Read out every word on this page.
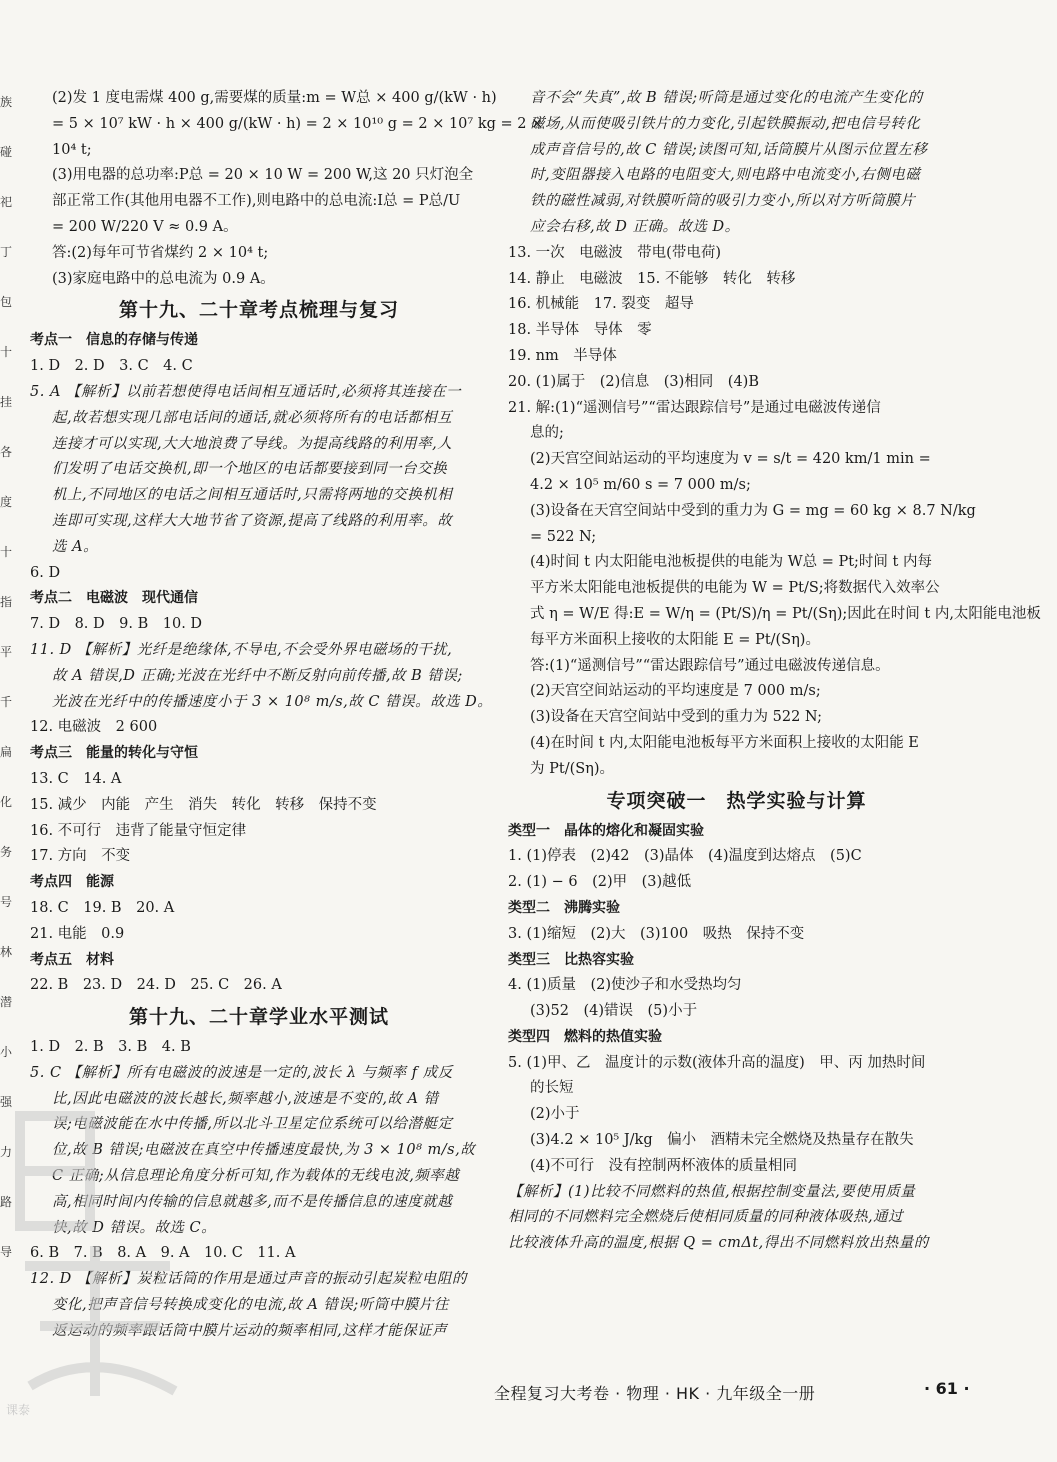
(2)发 1 度电需煤 400 g,需要煤的质量:m = W总 × 400 g/(kW · h)
= 5 × 10⁷ kW · h × 400 g/(kW · h) = 2 × 10¹⁰ g = 2 × 10⁷ kg = 2 ×
10⁴ t;
(3)用电器的总功率:P总 = 20 × 10 W = 200 W,这 20 只灯泡全
部正常工作(其他用电器不工作),则电路中的总电流:I总 = P总/U
= 200 W/220 V ≈ 0.9 A。
答:(2)每年可节省煤约 2 × 10⁴ t;
(3)家庭电路中的总电流为 0.9 A。
第十九、二十章考点梳理与复习
考点一　信息的存储与传递
1. D　2. D　3. C　4. C
5. A 【解析】以前若想使得电话间相互通话时,必须将其连接在一
起,故若想实现几部电话间的通话,就必须将所有的电话都相互
连接才可以实现,大大地浪费了导线。为提高线路的利用率,人
们发明了电话交换机,即一个地区的电话都要接到同一台交换
机上,不同地区的电话之间相互通话时,只需将两地的交换机相
连即可实现,这样大大地节省了资源,提高了线路的利用率。故
选 A。
6. D
考点二　电磁波　现代通信
7. D　8. D　9. B　10. D
11. D 【解析】光纤是绝缘体,不导电,不会受外界电磁场的干扰,
故 A 错误,D 正确;光波在光纤中不断反射向前传播,故 B 错误;
光波在光纤中的传播速度小于 3 × 10⁸ m/s,故 C 错误。故选 D。
12. 电磁波　2 600
考点三　能量的转化与守恒
13. C　14. A
15. 减少　内能　产生　消失　转化　转移　保持不变
16. 不可行　违背了能量守恒定律
17. 方向　不变
考点四　能源
18. C　19. B　20. A
21. 电能　0.9
考点五　材料
22. B　23. D　24. D　25. C　26. A
第十九、二十章学业水平测试
1. D　2. B　3. B　4. B
5. C 【解析】所有电磁波的波速是一定的,波长 λ 与频率 f 成反
比,因此电磁波的波长越长,频率越小,波速是不变的,故 A 错
误;电磁波能在水中传播,所以北斗卫星定位系统可以给潜艇定
位,故 B 错误;电磁波在真空中传播速度最快,为 3 × 10⁸ m/s,故
C 正确;从信息理论角度分析可知,作为载体的无线电波,频率越
高,相同时间内传输的信息就越多,而不是传播信息的速度就越
快,故 D 错误。故选 C。
6. B　7. B　8. A　9. A　10. C　11. A
12. D 【解析】炭粒话筒的作用是通过声音的振动引起炭粒电阻的
变化,把声音信号转换成变化的电流,故 A 错误;听筒中膜片往
返运动的频率跟话筒中膜片运动的频率相同,这样才能保证声
音不会“失真”,故 B 错误;听筒是通过变化的电流产生变化的
磁场,从而使吸引铁片的力变化,引起铁膜振动,把电信号转化
成声音信号的,故 C 错误;读图可知,话筒膜片从图示位置左移
时,变阻器接入电路的电阻变大,则电路中电流变小,右侧电磁
铁的磁性减弱,对铁膜听筒的吸引力变小,所以对方听筒膜片
应会右移,故 D 正确。故选 D。
13. 一次　电磁波　带电(带电荷)
14. 静止　电磁波　15. 不能够　转化　转移
16. 机械能　17. 裂变　超导
18. 半导体　导体　零
19. nm　半导体
20. (1)属于　(2)信息　(3)相同　(4)B
21. 解:(1)“遥测信号”“雷达跟踪信号”是通过电磁波传递信
息的;
(2)天宫空间站运动的平均速度为 v = s/t = 420 km/1 min =
4.2 × 10⁵ m/60 s = 7 000 m/s;
(3)设备在天宫空间站中受到的重力为 G = mg = 60 kg × 8.7 N/kg
= 522 N;
(4)时间 t 内太阳能电池板提供的电能为 W总 = Pt;时间 t 内每
平方米太阳能电池板提供的电能为 W = Pt/S;将数据代入效率公
式 η = W/E 得:E = W/η = (Pt/S)/η = Pt/(Sη);因此在时间 t 内,太阳能电池板
每平方米面积上接收的太阳能 E = Pt/(Sη)。
答:(1)“遥测信号”“雷达跟踪信号”通过电磁波传递信息。
(2)天宫空间站运动的平均速度是 7 000 m/s;
(3)设备在天宫空间站中受到的重力为 522 N;
(4)在时间 t 内,太阳能电池板每平方米面积上接收的太阳能 E
为 Pt/(Sη)。
专项突破一　热学实验与计算
类型一　晶体的熔化和凝固实验
1. (1)停表　(2)42　(3)晶体　(4)温度到达熔点　(5)C
2. (1) − 6　(2)甲　(3)越低
类型二　沸腾实验
3. (1)缩短　(2)大　(3)100　吸热　保持不变
类型三　比热容实验
4. (1)质量　(2)使沙子和水受热均匀
(3)52　(4)错误　(5)小于
类型四　燃料的热值实验
5. (1)甲、乙　温度计的示数(液体升高的温度)　甲、丙 加热时间
的长短
(2)小于
(3)4.2 × 10⁵ J/kg　偏小　酒精未完全燃烧及热量存在散失
(4)不可行　没有控制两杯液体的质量相同
【解析】(1)比较不同燃料的热值,根据控制变量法,要使用质量
相同的不同燃料完全燃烧后使相同质量的同种液体吸热,通过
比较液体升高的温度,根据 Q = cmΔt,得出不同燃料放出热量的
族
碰
祀
丁
包
十
挂
各
度
十
指
平
千
扁
化
务
号
林
潜
小
强
力
路
导
课泰
全程复习大考卷 · 物理 · HK · 九年级全一册	· 61 ·
